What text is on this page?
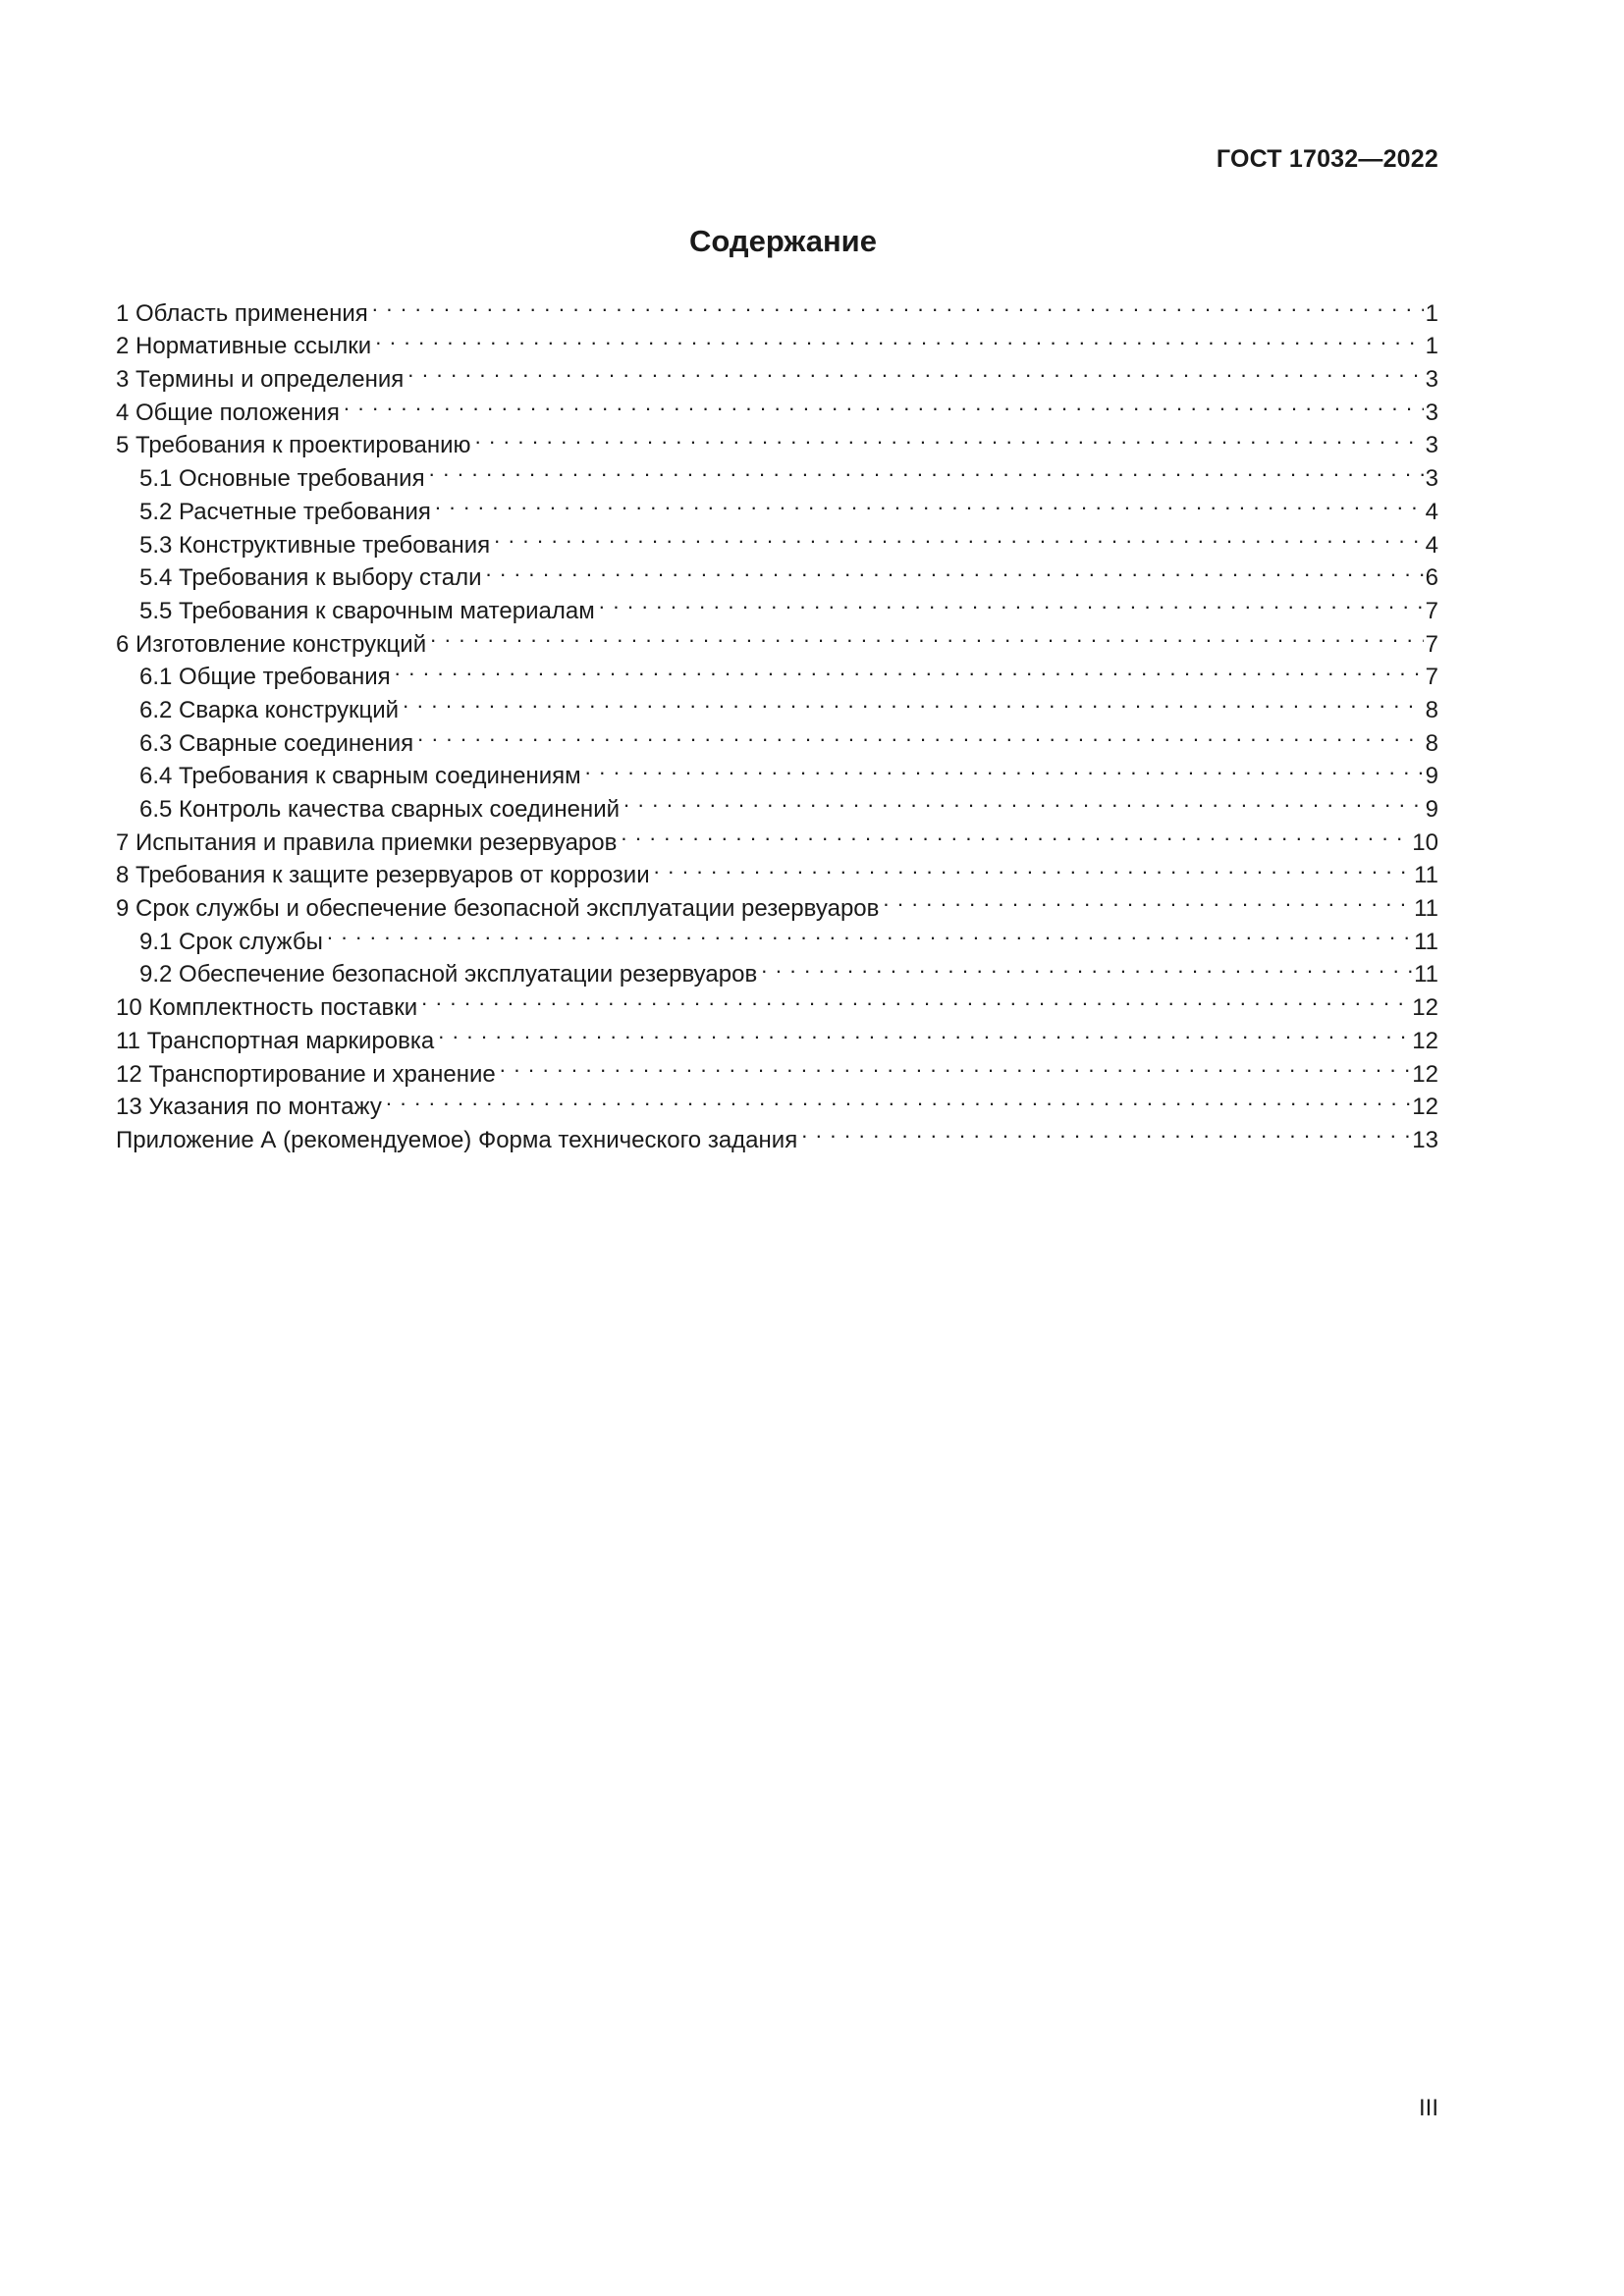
ГОСТ 17032—2022

Содержание
1 Область применения . . .	1
2 Нормативные ссылки . . .	1
3 Термины и определения . . .	3
4 Общие положения . . .	3
5 Требования к проектированию . . .	3
5.1 Основные требования . . .	3
5.2 Расчетные требования . . .	4
5.3 Конструктивные требования . . .	4
5.4 Требования к выбору стали . . .	6
5.5 Требования к сварочным материалам . . .	7
6 Изготовление конструкций . . .	7
6.1 Общие требования . . .	7
6.2 Сварка конструкций . . .	8
6.3 Сварные соединения . . .	8
6.4 Требования к сварным соединениям . . .	9
6.5 Контроль качества сварных соединений . . .	9
7 Испытания и правила приемки резервуаров . . .	10
8 Требования к защите резервуаров от коррозии . . .	11
9 Срок службы и обеспечение безопасной эксплуатации резервуаров . . .	11
9.1 Срок службы . . .	11
9.2 Обеспечение безопасной эксплуатации резервуаров . . .	11
10 Комплектность поставки . . .	12
11 Транспортная маркировка . . .	12
12 Транспортирование и хранение . . .	12
13 Указания по монтажу . . .	12
Приложение А (рекомендуемое) Форма технического задания . . .	13

III
